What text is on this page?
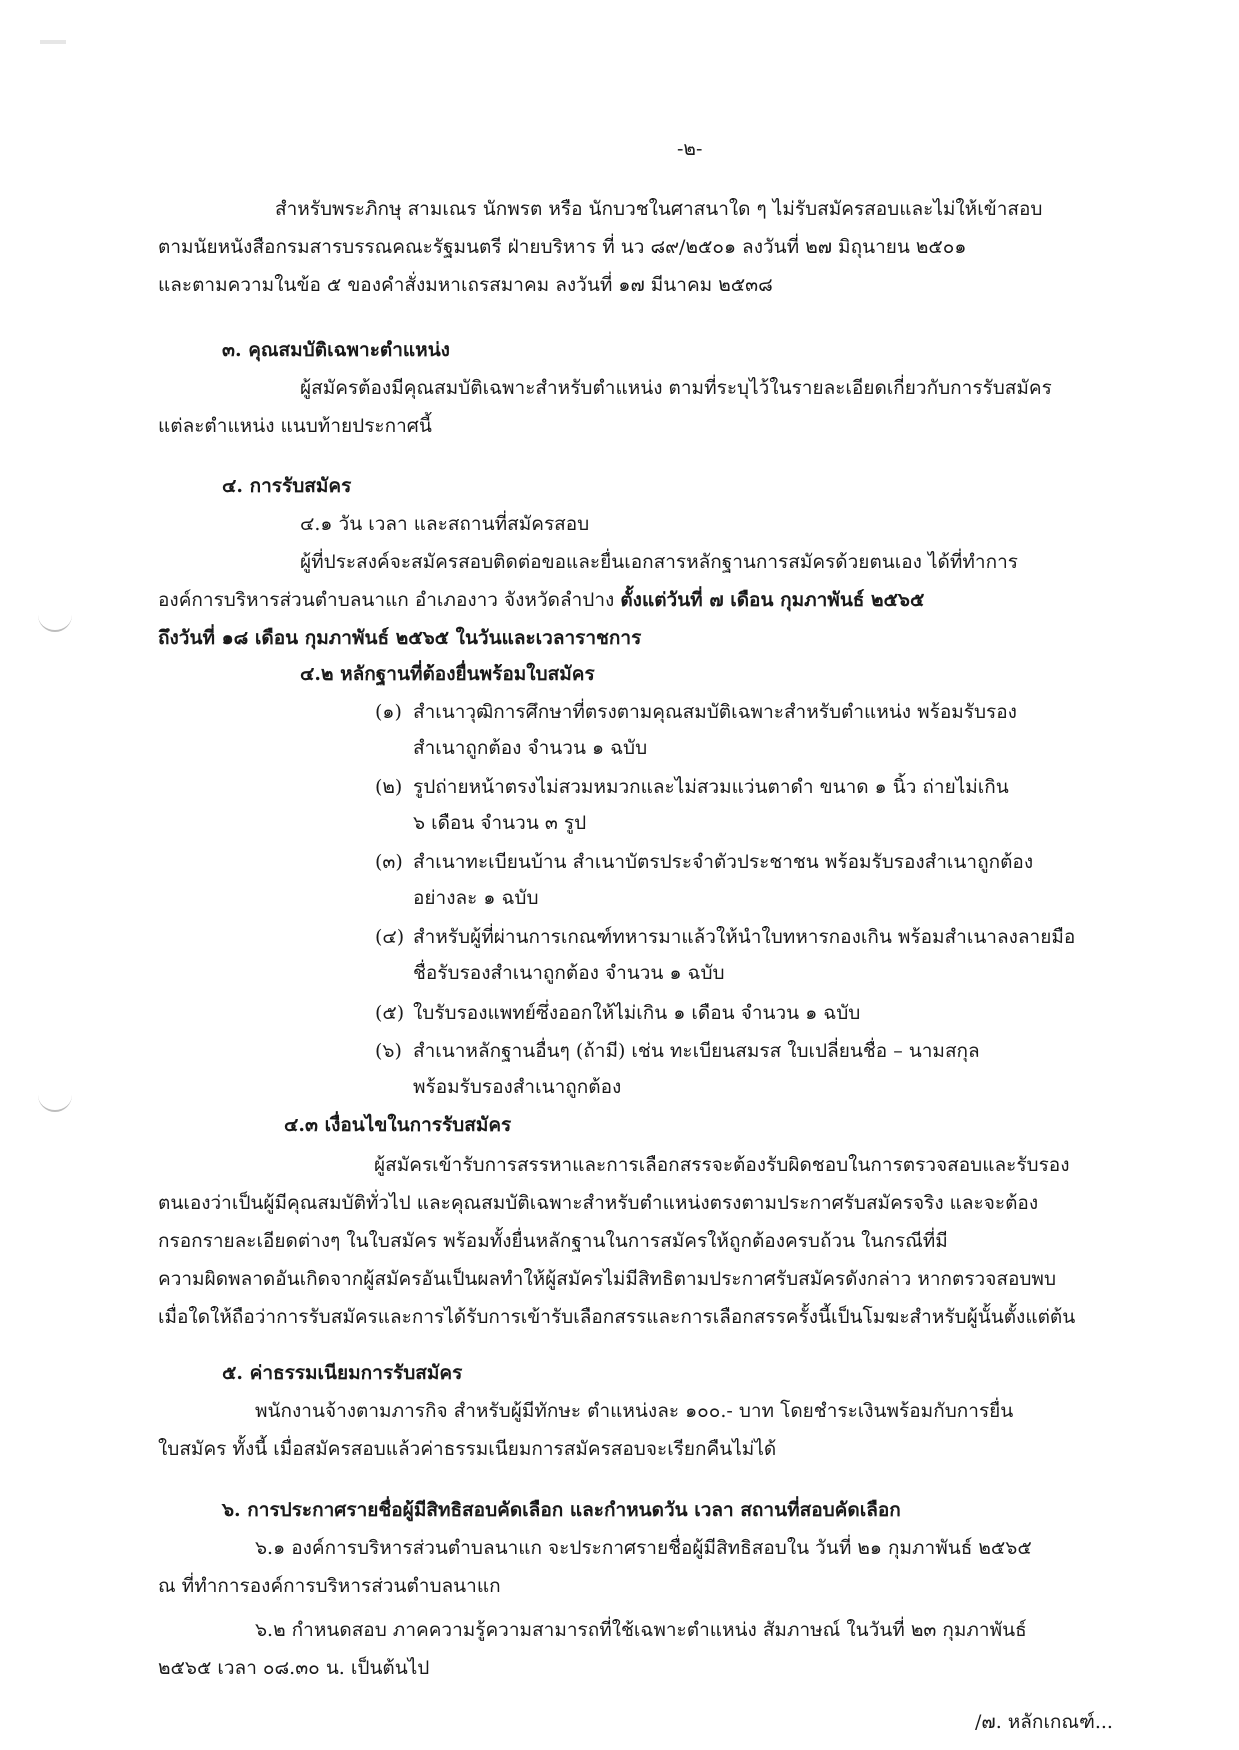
-๒-
สำหรับพระภิกษุ สามเณร นักพรต หรือ นักบวชในศาสนาใด ๆ ไม่รับสมัครสอบและไม่ให้เข้าสอบ
ตามนัยหนังสือกรมสารบรรณคณะรัฐมนตรี ฝ่ายบริหาร ที่ นว ๘๙/๒๕๐๑ ลงวันที่ ๒๗ มิถุนายน ๒๕๐๑
และตามความในข้อ ๕ ของคำสั่งมหาเถรสมาคม ลงวันที่ ๑๗ มีนาคม ๒๕๓๘
๓. คุณสมบัติเฉพาะตำแหน่ง
ผู้สมัครต้องมีคุณสมบัติเฉพาะสำหรับตำแหน่ง ตามที่ระบุไว้ในรายละเอียดเกี่ยวกับการรับสมัคร
แต่ละตำแหน่ง แนบท้ายประกาศนี้
๔. การรับสมัคร
๔.๑ วัน เวลา และสถานที่สมัครสอบ
ผู้ที่ประสงค์จะสมัครสอบติดต่อขอและยื่นเอกสารหลักฐานการสมัครด้วยตนเอง ได้ที่ทำการ
องค์การบริหารส่วนตำบลนาแก อำเภองาว จังหวัดลำปาง ตั้งแต่วันที่ ๗ เดือน กุมภาพันธ์ ๒๕๖๕
ถึงวันที่ ๑๘ เดือน กุมภาพันธ์ ๒๕๖๕ ในวันและเวลาราชการ
๔.๒ หลักฐานที่ต้องยื่นพร้อมใบสมัคร
(๑) สำเนาวุฒิการศึกษาที่ตรงตามคุณสมบัติเฉพาะสำหรับตำแหน่ง พร้อมรับรอง
สำเนาถูกต้อง จำนวน ๑ ฉบับ
(๒) รูปถ่ายหน้าตรงไม่สวมหมวกและไม่สวมแว่นตาดำ ขนาด ๑ นิ้ว ถ่ายไม่เกิน
๖ เดือน จำนวน ๓ รูป
(๓) สำเนาทะเบียนบ้าน สำเนาบัตรประจำตัวประชาชน พร้อมรับรองสำเนาถูกต้อง
อย่างละ ๑ ฉบับ
(๔) สำหรับผู้ที่ผ่านการเกณฑ์ทหารมาแล้วให้นำใบทหารกองเกิน พร้อมสำเนาลงลายมือ
ชื่อรับรองสำเนาถูกต้อง จำนวน ๑ ฉบับ
(๕) ใบรับรองแพทย์ซึ่งออกให้ไม่เกิน ๑ เดือน จำนวน ๑ ฉบับ
(๖) สำเนาหลักฐานอื่นๆ (ถ้ามี) เช่น ทะเบียนสมรส ใบเปลี่ยนชื่อ – นามสกุล
พร้อมรับรองสำเนาถูกต้อง
๔.๓ เงื่อนไขในการรับสมัคร
ผู้สมัครเข้ารับการสรรหาและการเลือกสรรจะต้องรับผิดชอบในการตรวจสอบและรับรอง
ตนเองว่าเป็นผู้มีคุณสมบัติทั่วไป และคุณสมบัติเฉพาะสำหรับตำแหน่งตรงตามประกาศรับสมัครจริง และจะต้อง
กรอกรายละเอียดต่างๆ ในใบสมัคร พร้อมทั้งยื่นหลักฐานในการสมัครให้ถูกต้องครบถ้วน ในกรณีที่มี
ความผิดพลาดอันเกิดจากผู้สมัครอันเป็นผลทำให้ผู้สมัครไม่มีสิทธิตามประกาศรับสมัครดังกล่าว หากตรวจสอบพบ
เมื่อใดให้ถือว่าการรับสมัครและการได้รับการเข้ารับเลือกสรรและการเลือกสรรครั้งนี้เป็นโมฆะสำหรับผู้นั้นตั้งแต่ต้น
๕. ค่าธรรมเนียมการรับสมัคร
พนักงานจ้างตามภารกิจ สำหรับผู้มีทักษะ ตำแหน่งละ ๑๐๐.- บาท โดยชำระเงินพร้อมกับการยื่น
ใบสมัคร ทั้งนี้ เมื่อสมัครสอบแล้วค่าธรรมเนียมการสมัครสอบจะเรียกคืนไม่ได้
๖. การประกาศรายชื่อผู้มีสิทธิสอบคัดเลือก และกำหนดวัน เวลา สถานที่สอบคัดเลือก
๖.๑ องค์การบริหารส่วนตำบลนาแก จะประกาศรายชื่อผู้มีสิทธิสอบใน วันที่ ๒๑ กุมภาพันธ์ ๒๕๖๕
ณ ที่ทำการองค์การบริหารส่วนตำบลนาแก
๖.๒ กำหนดสอบ ภาคความรู้ความสามารถที่ใช้เฉพาะตำแหน่ง สัมภาษณ์ ในวันที่ ๒๓ กุมภาพันธ์
๒๕๖๕ เวลา ๐๘.๓๐ น. เป็นต้นไป
/๗. หลักเกณฑ์...
